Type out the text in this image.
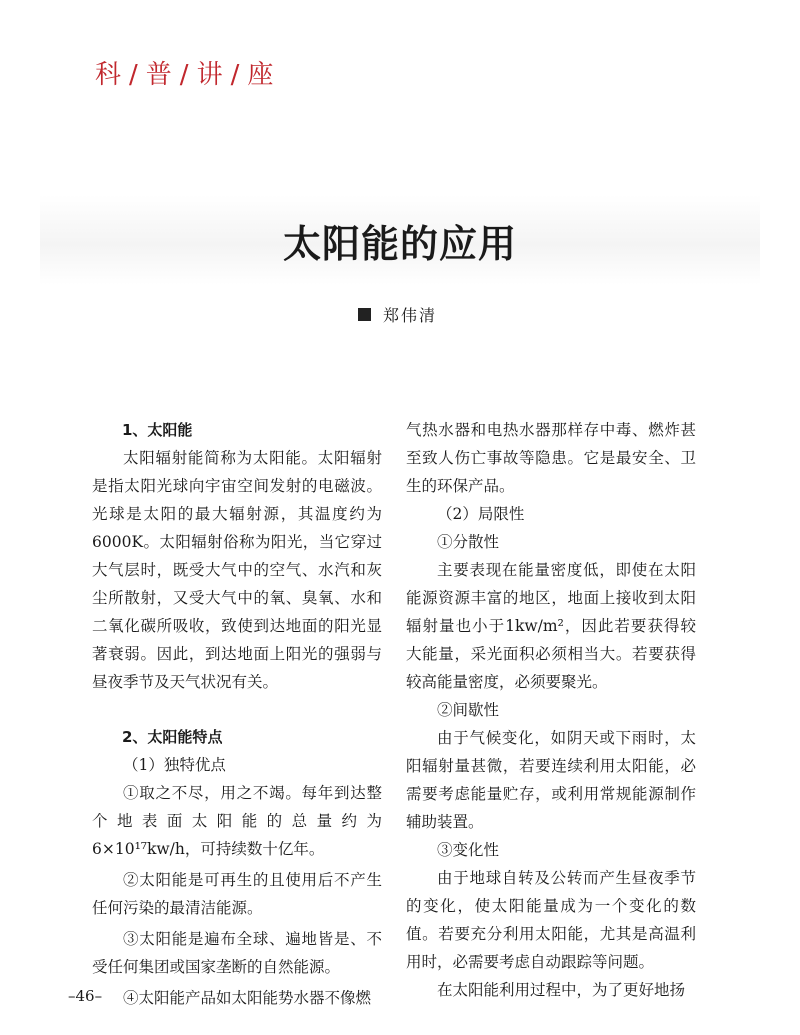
科 / 普 / 讲 / 座
太阳能的应用
郑伟清
1、太阳能

太阳辐射能简称为太阳能。太阳辐射是指太阳光球向宇宙空间发射的电磁波。光球是太阳的最大辐射源，其温度约为6000K。太阳辐射俗称为阳光，当它穿过大气层时，既受大气中的空气、水汽和灰尘所散射，又受大气中的氧、臭氧、水和二氧化碳所吸收，致使到达地面的阳光显著衰弱。因此，到达地面上阳光的强弱与昼夜季节及天气状况有关。

2、太阳能特点

（1）独特优点

①取之不尽，用之不竭。每年到达整个地表面太阳能的总量约为6×10¹⁷kw/h，可持续数十亿年。

②太阳能是可再生的且使用后不产生任何污染的最清洁能源。

③太阳能是遍布全球、遍地皆是、不受任何集团或国家垄断的自然能源。

④太阳能产品如太阳能势水器不像燃

气热水器和电热水器那样存中毒、燃炸甚至致人伤亡事故等隐患。它是最安全、卫生的环保产品。

（2）局限性

①分散性

主要表现在能量密度低，即使在太阳能源资源丰富的地区，地面上接收到太阳辐射量也小于1kw/m²，因此若要获得较大能量，采光面积必须相当大。若要获得较高能量密度，必须要聚光。

②间歇性

由于气候变化，如阴天或下雨时，太阳辐射量甚微，若要连续利用太阳能，必需要考虑能量贮存，或利用常规能源制作辅助装置。

③变化性

由于地球自转及公转而产生昼夜季节的变化，使太阳能量成为一个变化的数值。若要充分利用太阳能，尤其是高温利用时，必需要考虑自动跟踪等问题。

在太阳能利用过程中，为了更好地扬

–46–
